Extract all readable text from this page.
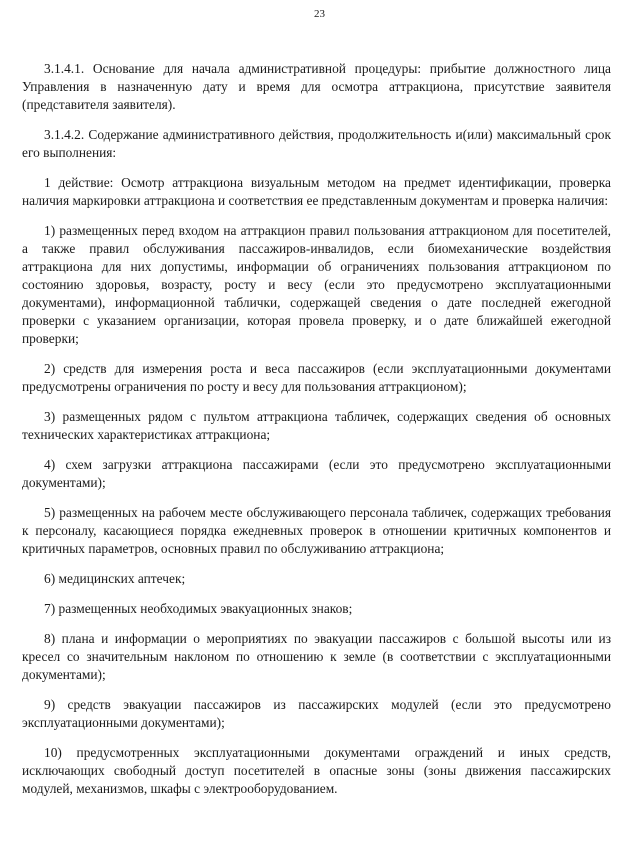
23

3.1.4.1. Основание для начала административной процедуры: прибытие должностного лица Управления в назначенную дату и время для осмотра аттракциона, присутствие заявителя (представителя заявителя).

3.1.4.2. Содержание административного действия, продолжительность и(или) максимальный срок его выполнения:

1 действие: Осмотр аттракциона визуальным методом на предмет идентификации, проверка наличия маркировки аттракциона и соответствия ее представленным документам и проверка наличия:

1) размещенных перед входом на аттракцион правил пользования аттракционом для посетителей, а также правил обслуживания пассажиров-инвалидов, если биомеханические воздействия аттракциона для них допустимы, информации об ограничениях пользования аттракционом по состоянию здоровья, возрасту, росту и весу (если это предусмотрено эксплуатационными документами), информационной таблички, содержащей сведения о дате последней ежегодной проверки с указанием организации, которая провела проверку, и о дате ближайшей ежегодной проверки;

2) средств для измерения роста и веса пассажиров (если эксплуатационными документами предусмотрены ограничения по росту и весу для пользования аттракционом);

3) размещенных рядом с пультом аттракциона табличек, содержащих сведения об основных технических характеристиках аттракциона;

4) схем загрузки аттракциона пассажирами (если это предусмотрено эксплуатационными документами);

5) размещенных на рабочем месте обслуживающего персонала табличек, содержащих требования к персоналу, касающиеся порядка ежедневных проверок в отношении критичных компонентов и критичных параметров, основных правил по обслуживанию аттракциона;

6) медицинских аптечек;

7) размещенных необходимых эвакуационных знаков;

8) плана и информации о мероприятиях по эвакуации пассажиров с большой высоты или из кресел со значительным наклоном по отношению к земле (в соответствии с эксплуатационными документами);

9) средств эвакуации пассажиров из пассажирских модулей (если это предусмотрено эксплуатационными документами);

10) предусмотренных эксплуатационными документами ограждений и иных средств, исключающих свободный доступ посетителей в опасные зоны (зоны движения пассажирских модулей, механизмов, шкафы с электрооборудованием.
